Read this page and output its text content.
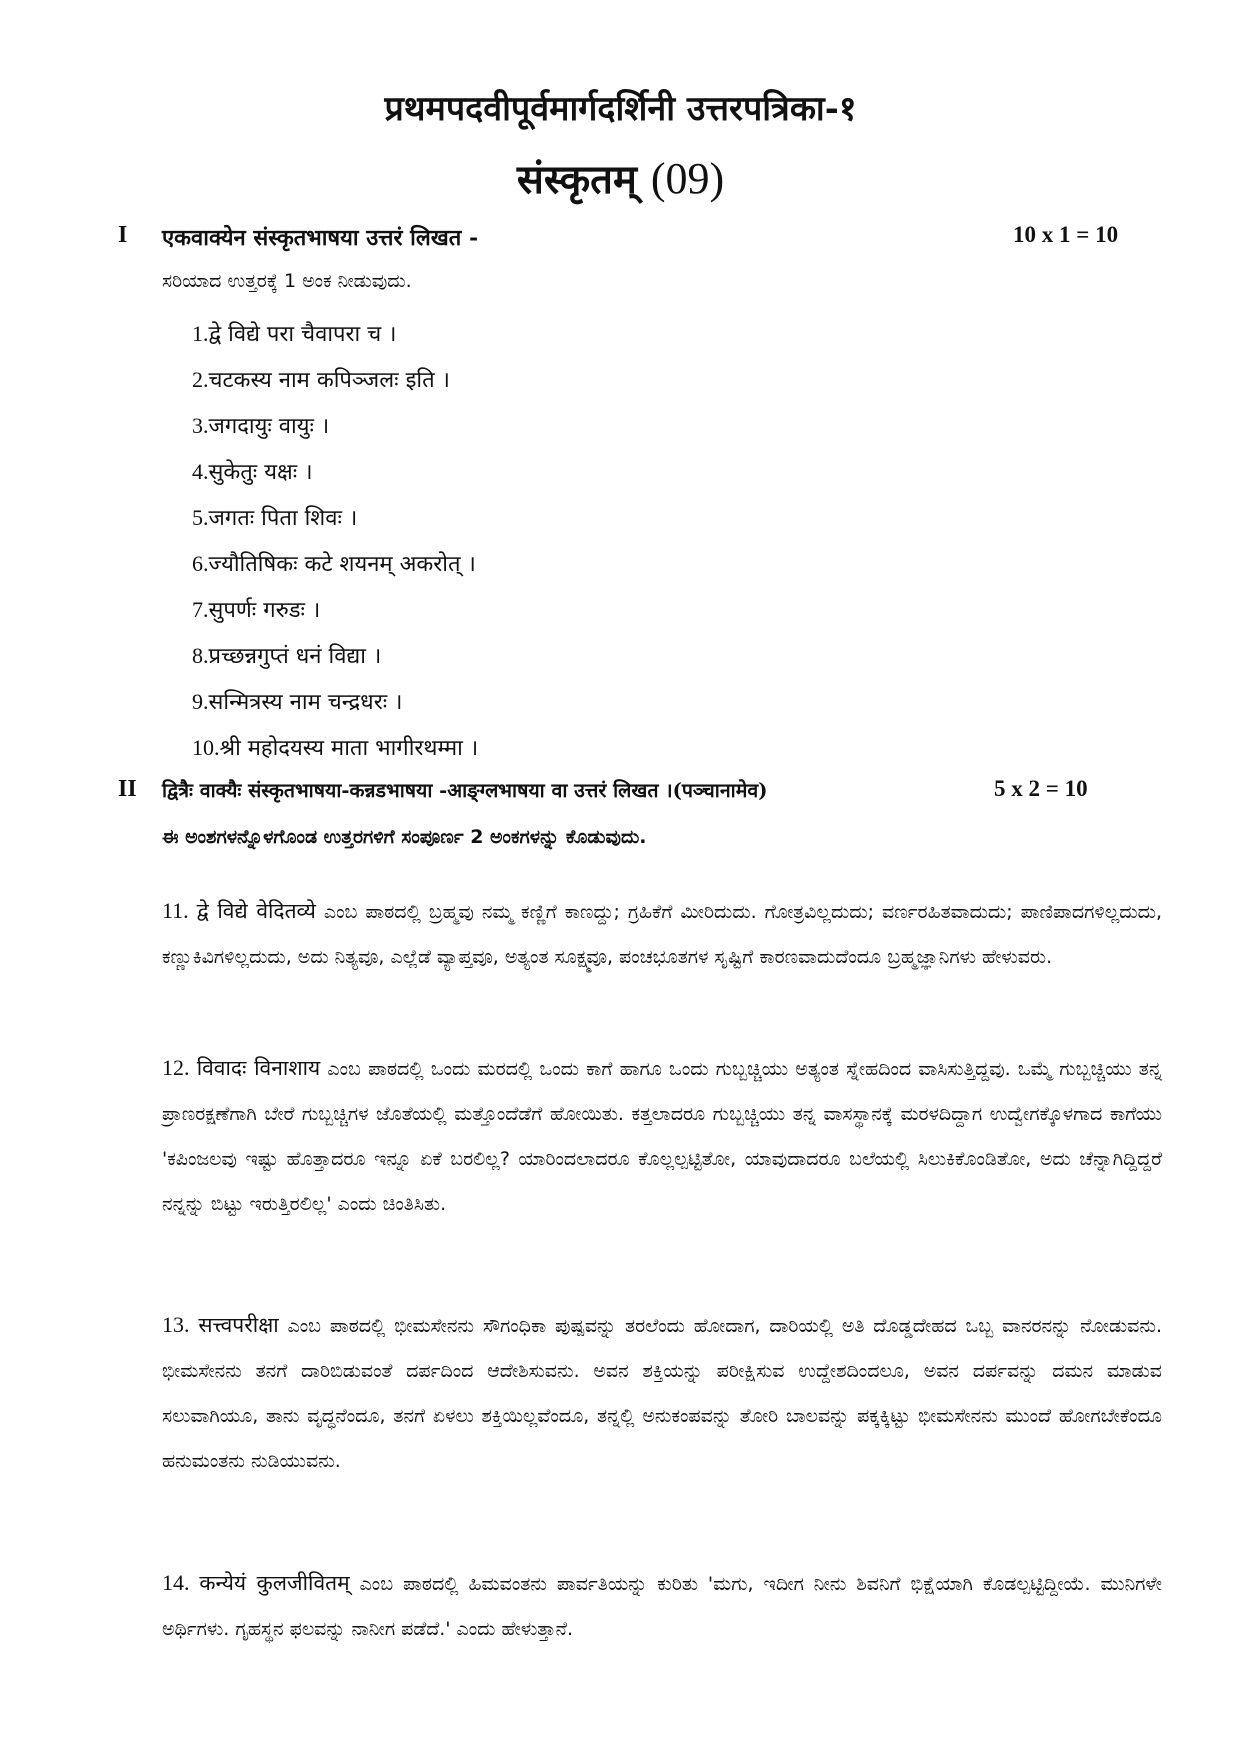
प्रथमपदवीपूर्वमार्गदर्शिनी उत्तरपत्रिका-१
संस्कृतम् (09)
I एकवाक्येन संस्कृतभाषया उत्तरं लिखत -	10 x 1 = 10
ಸರಿಯಾದ ಉತ್ತರಕ್ಕೆ 1 ಅಂಕ ನೀಡುವುದು.
1.द्वे विद्ये परा चैवापरा च ।
2.चटकस्य नाम कपिञ्जलः इति ।
3.जगदायुः वायुः ।
4.सुकेतुः यक्षः ।
5.जगतः पिता शिवः ।
6.ज्यौतिषिकः कटे शयनम् अकरोत् ।
7.सुपर्णः गरुडः ।
8.प्रच्छन्नगुप्तं धनं विद्या ।
9.सन्मित्रस्य नाम चन्द्रधरः ।
10.श्री महोदयस्य माता भागीरथम्मा ।
II द्वित्रैः वाक्यैः संस्कृतभाषया-कन्नडभाषया -आङ्ग्लभाषया वा उत्तरं लिखत ।(पञ्चानामेव)	5 x 2 = 10
ಈ ಅಂಶಗಳನ್ನೊಳಗೊಂಡ ಉತ್ತರಗಳಿಗೆ ಸಂಪೂರ್ಣ 2 ಅಂಕಗಳನ್ನು ಕೊಡುವುದು.
11. द्वे विद्ये वेदितव्ये ಎಂಬ ಪಾಠದಲ್ಲಿ ಬ್ರಹ್ಮವು ನಮ್ಮ ಕಣ್ಣಿಗೆ ಕಾಣದ್ದು; ಗ್ರಹಿಕೆಗೆ ಮೀರಿದುದು. ಗೋತ್ರವಿಲ್ಲದುದು; ವರ್ಣರಹಿತವಾದುದು; ಪಾಣಿಪಾದಗಳಿಲ್ಲದುದು, ಕಣ್ಣುಕಿವಿಗಳಿಲ್ಲದುದು, ಅದು ನಿತ್ಯವೂ, ಎಲ್ಲೆಡೆ ವ್ಯಾಪ್ತವೂ, ಅತ್ಯಂತ ಸೂಕ್ಷ್ಮವೂ, ಪಂಚಭೂತಗಳ ಸೃಷ್ಟಿಗೆ ಕಾರಣವಾದುದೆಂದೂ ಬ್ರಹ್ಮಜ್ಞಾನಿಗಳು ಹೇಳುವರು.
12. विवादः विनाशाय ಎಂಬ ಪಾಠದಲ್ಲಿ ಒಂದು ಮರದಲ್ಲಿ ಒಂದು ಕಾಗೆ ಹಾಗೂ ಒಂದು ಗುಬ್ಬಚ್ಚಿಯು ಅತ್ಯಂತ ಸ್ನೇಹದಿಂದ ವಾಸಿಸುತ್ತಿದ್ದವು. ಒಮ್ಮೆ ಗುಬ್ಬಚ್ಚಿಯು ತನ್ನ ಪ್ರಾಣರಕ್ಷಣೆಗಾಗಿ ಬೇರೆ ಗುಬ್ಬಚ್ಚಿಗಳ ಜೊತೆಯಲ್ಲಿ ಮತ್ತೊಂದೆಡೆಗೆ ಹೋಯಿತು. ಕತ್ತಲಾದರೂ ಗುಬ್ಬಚ್ಚಿಯು ತನ್ನ ವಾಸಸ್ಥಾನಕ್ಕೆ ಮರಳದಿದ್ದಾಗ ಉದ್ವೇಗಕ್ಕೊಳಗಾದ ಕಾಗೆಯು 'ಕಪಿಂಜಲವು ಇಷ್ಟು ಹೊತ್ತಾದರೂ ಇನ್ನೂ ಏಕೆ ಬರಲಿಲ್ಲ? ಯಾರಿಂದಲಾದರೂ ಕೊಲ್ಲಲ್ಪಟ್ಟಿತೋ, ಯಾವುದಾದರೂ ಬಲೆಯಲ್ಲಿ ಸಿಲುಕಿಕೊಂಡಿತೋ, ಅದು ಚೆನ್ನಾಗಿದ್ದಿದ್ದರೆ ನನ್ನನ್ನು ಬಿಟ್ಟು ಇರುತ್ತಿರಲಿಲ್ಲ' ಎಂದು ಚಿಂತಿಸಿತು.
13. सत्त्वपरीक्षा ಎಂಬ ಪಾಠದಲ್ಲಿ ಭೀಮಸೇನನು ಸೌಗಂಧಿಕಾ ಪುಷ್ಪವನ್ನು ತರಲೆಂದು ಹೋದಾಗ, ದಾರಿಯಲ್ಲಿ ಅತಿ ದೊಡ್ಡದೇಹದ ಒಬ್ಬ ವಾನರನನ್ನು ನೋಡುವನು. ಭೀಮಸೇನನು ತನಗೆ ದಾರಿಬಿಡುವಂತೆ ದರ್ಪದಿಂದ ಆದೇಶಿಸುವನು. ಅವನ ಶಕ್ತಿಯನ್ನು ಪರೀಕ್ಷಿಸುವ ಉದ್ದೇಶದಿಂದಲೂ, ಅವನ ದರ್ಪವನ್ನು ದಮನ ಮಾಡುವ ಸಲುವಾಗಿಯೂ, ತಾನು ವೃದ್ಧನೆಂದೂ, ತನಗೆ ಏಳಲು ಶಕ್ತಿಯಿಲ್ಲವೆಂದೂ, ತನ್ನಲ್ಲಿ ಅನುಕಂಪವನ್ನು ತೋರಿ ಬಾಲವನ್ನು ಪಕ್ಕಕ್ಕಿಟ್ಟು ಭೀಮಸೇನನು ಮುಂದೆ ಹೋಗಬೇಕೆಂದೂ ಹನುಮಂತನು ನುಡಿಯುವನು.
14. कन्येयं कुलजीवितम् ಎಂಬ ಪಾಠದಲ್ಲಿ ಹಿಮವಂತನು ಪಾರ್ವತಿಯನ್ನು ಕುರಿತು 'ಮಗು, ಇದೀಗ ನೀನು ಶಿವನಿಗೆ ಭಿಕ್ಷೆಯಾಗಿ ಕೊಡಲ್ಪಟ್ಟಿದ್ದೀಯೆ. ಮುನಿಗಳೇ ಅರ್ಥಿಗಳು. ಗೃಹಸ್ಥನ ಫಲವನ್ನು ನಾನೀಗ ಪಡೆದೆ.' ಎಂದು ಹೇಳುತ್ತಾನೆ.
